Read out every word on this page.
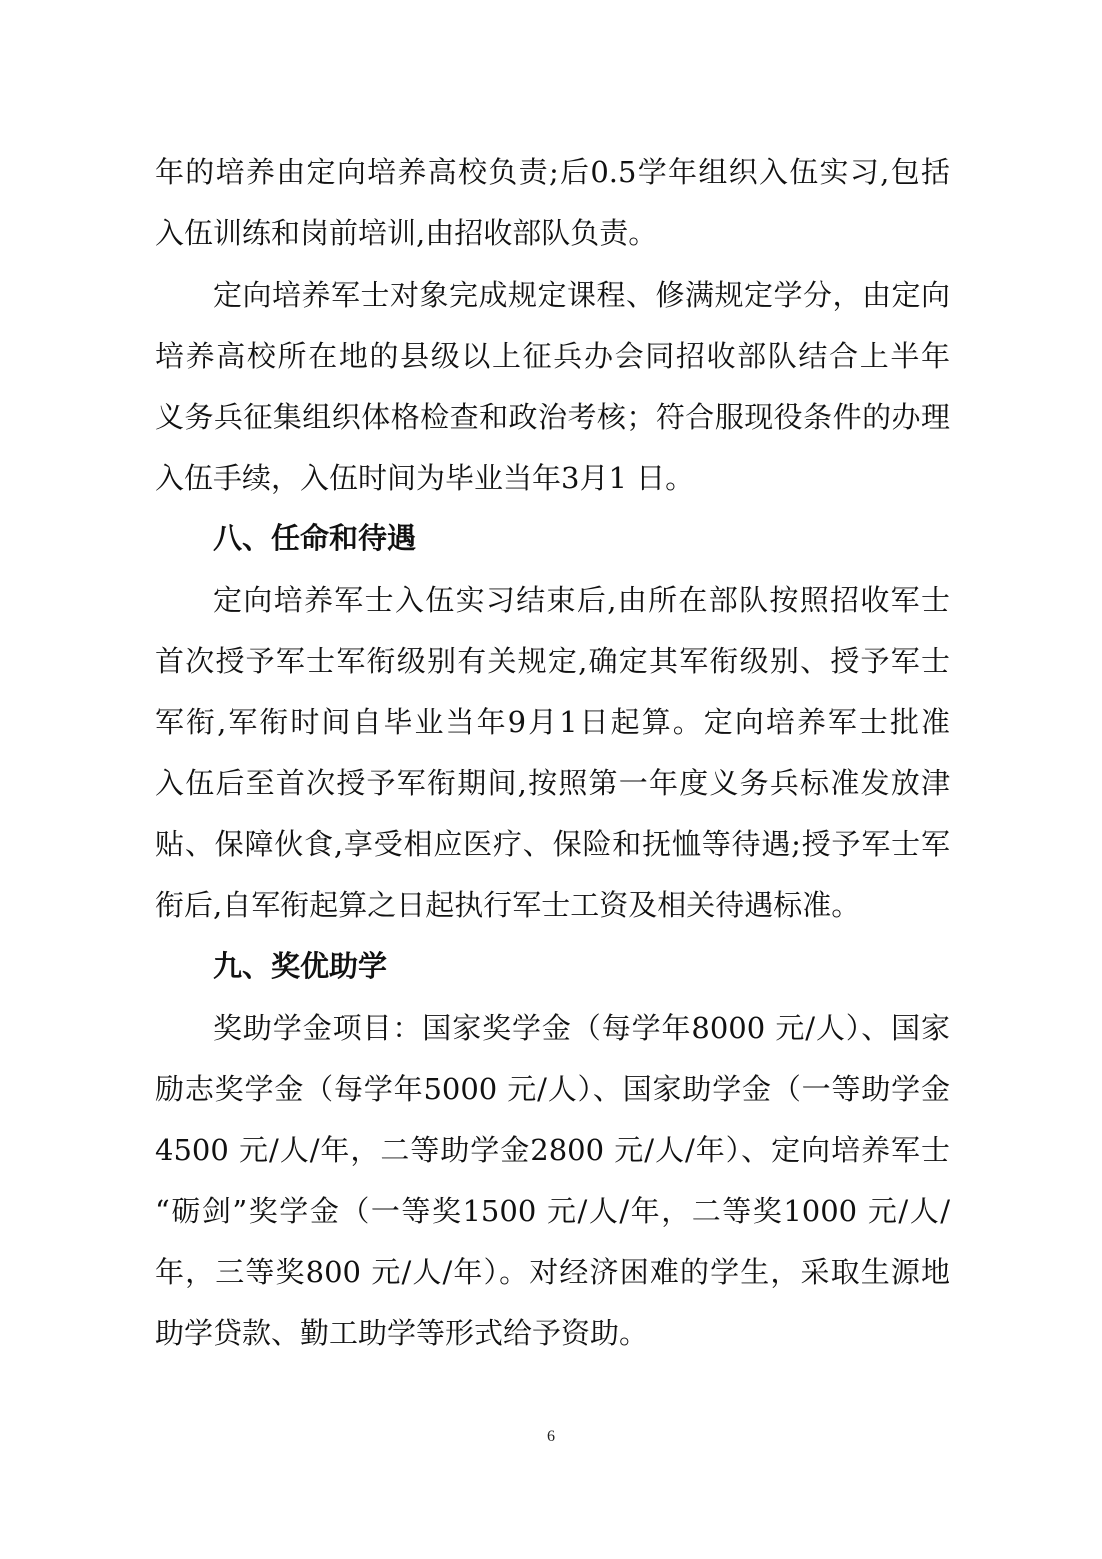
年的培养由定向培养高校负责;后0.5学年组织入伍实习,包括
入伍训练和岗前培训,由招收部队负责。
定向培养军士对象完成规定课程、修满规定学分，由定向
培养高校所在地的县级以上征兵办会同招收部队结合上半年
义务兵征集组织体格检查和政治考核；符合服现役条件的办理
入伍手续，入伍时间为毕业当年3月1 日。
八、任命和待遇
定向培养军士入伍实习结束后,由所在部队按照招收军士
首次授予军士军衔级别有关规定,确定其军衔级别、授予军士
军衔,军衔时间自毕业当年9月1日起算。定向培养军士批准
入伍后至首次授予军衔期间,按照第一年度义务兵标准发放津
贴、保障伙食,享受相应医疗、保险和抚恤等待遇;授予军士军
衔后,自军衔起算之日起执行军士工资及相关待遇标准。
九、奖优助学
奖助学金项目：国家奖学金（每学年8000 元/人）、国家
励志奖学金（每学年5000 元/人）、国家助学金（一等助学金
4500 元/人/年，二等助学金2800 元/人/年）、定向培养军士
“砺剑”奖学金（一等奖1500 元/人/年，二等奖1000 元/人/
年，三等奖800 元/人/年）。对经济困难的学生，采取生源地
助学贷款、勤工助学等形式给予资助。
6
